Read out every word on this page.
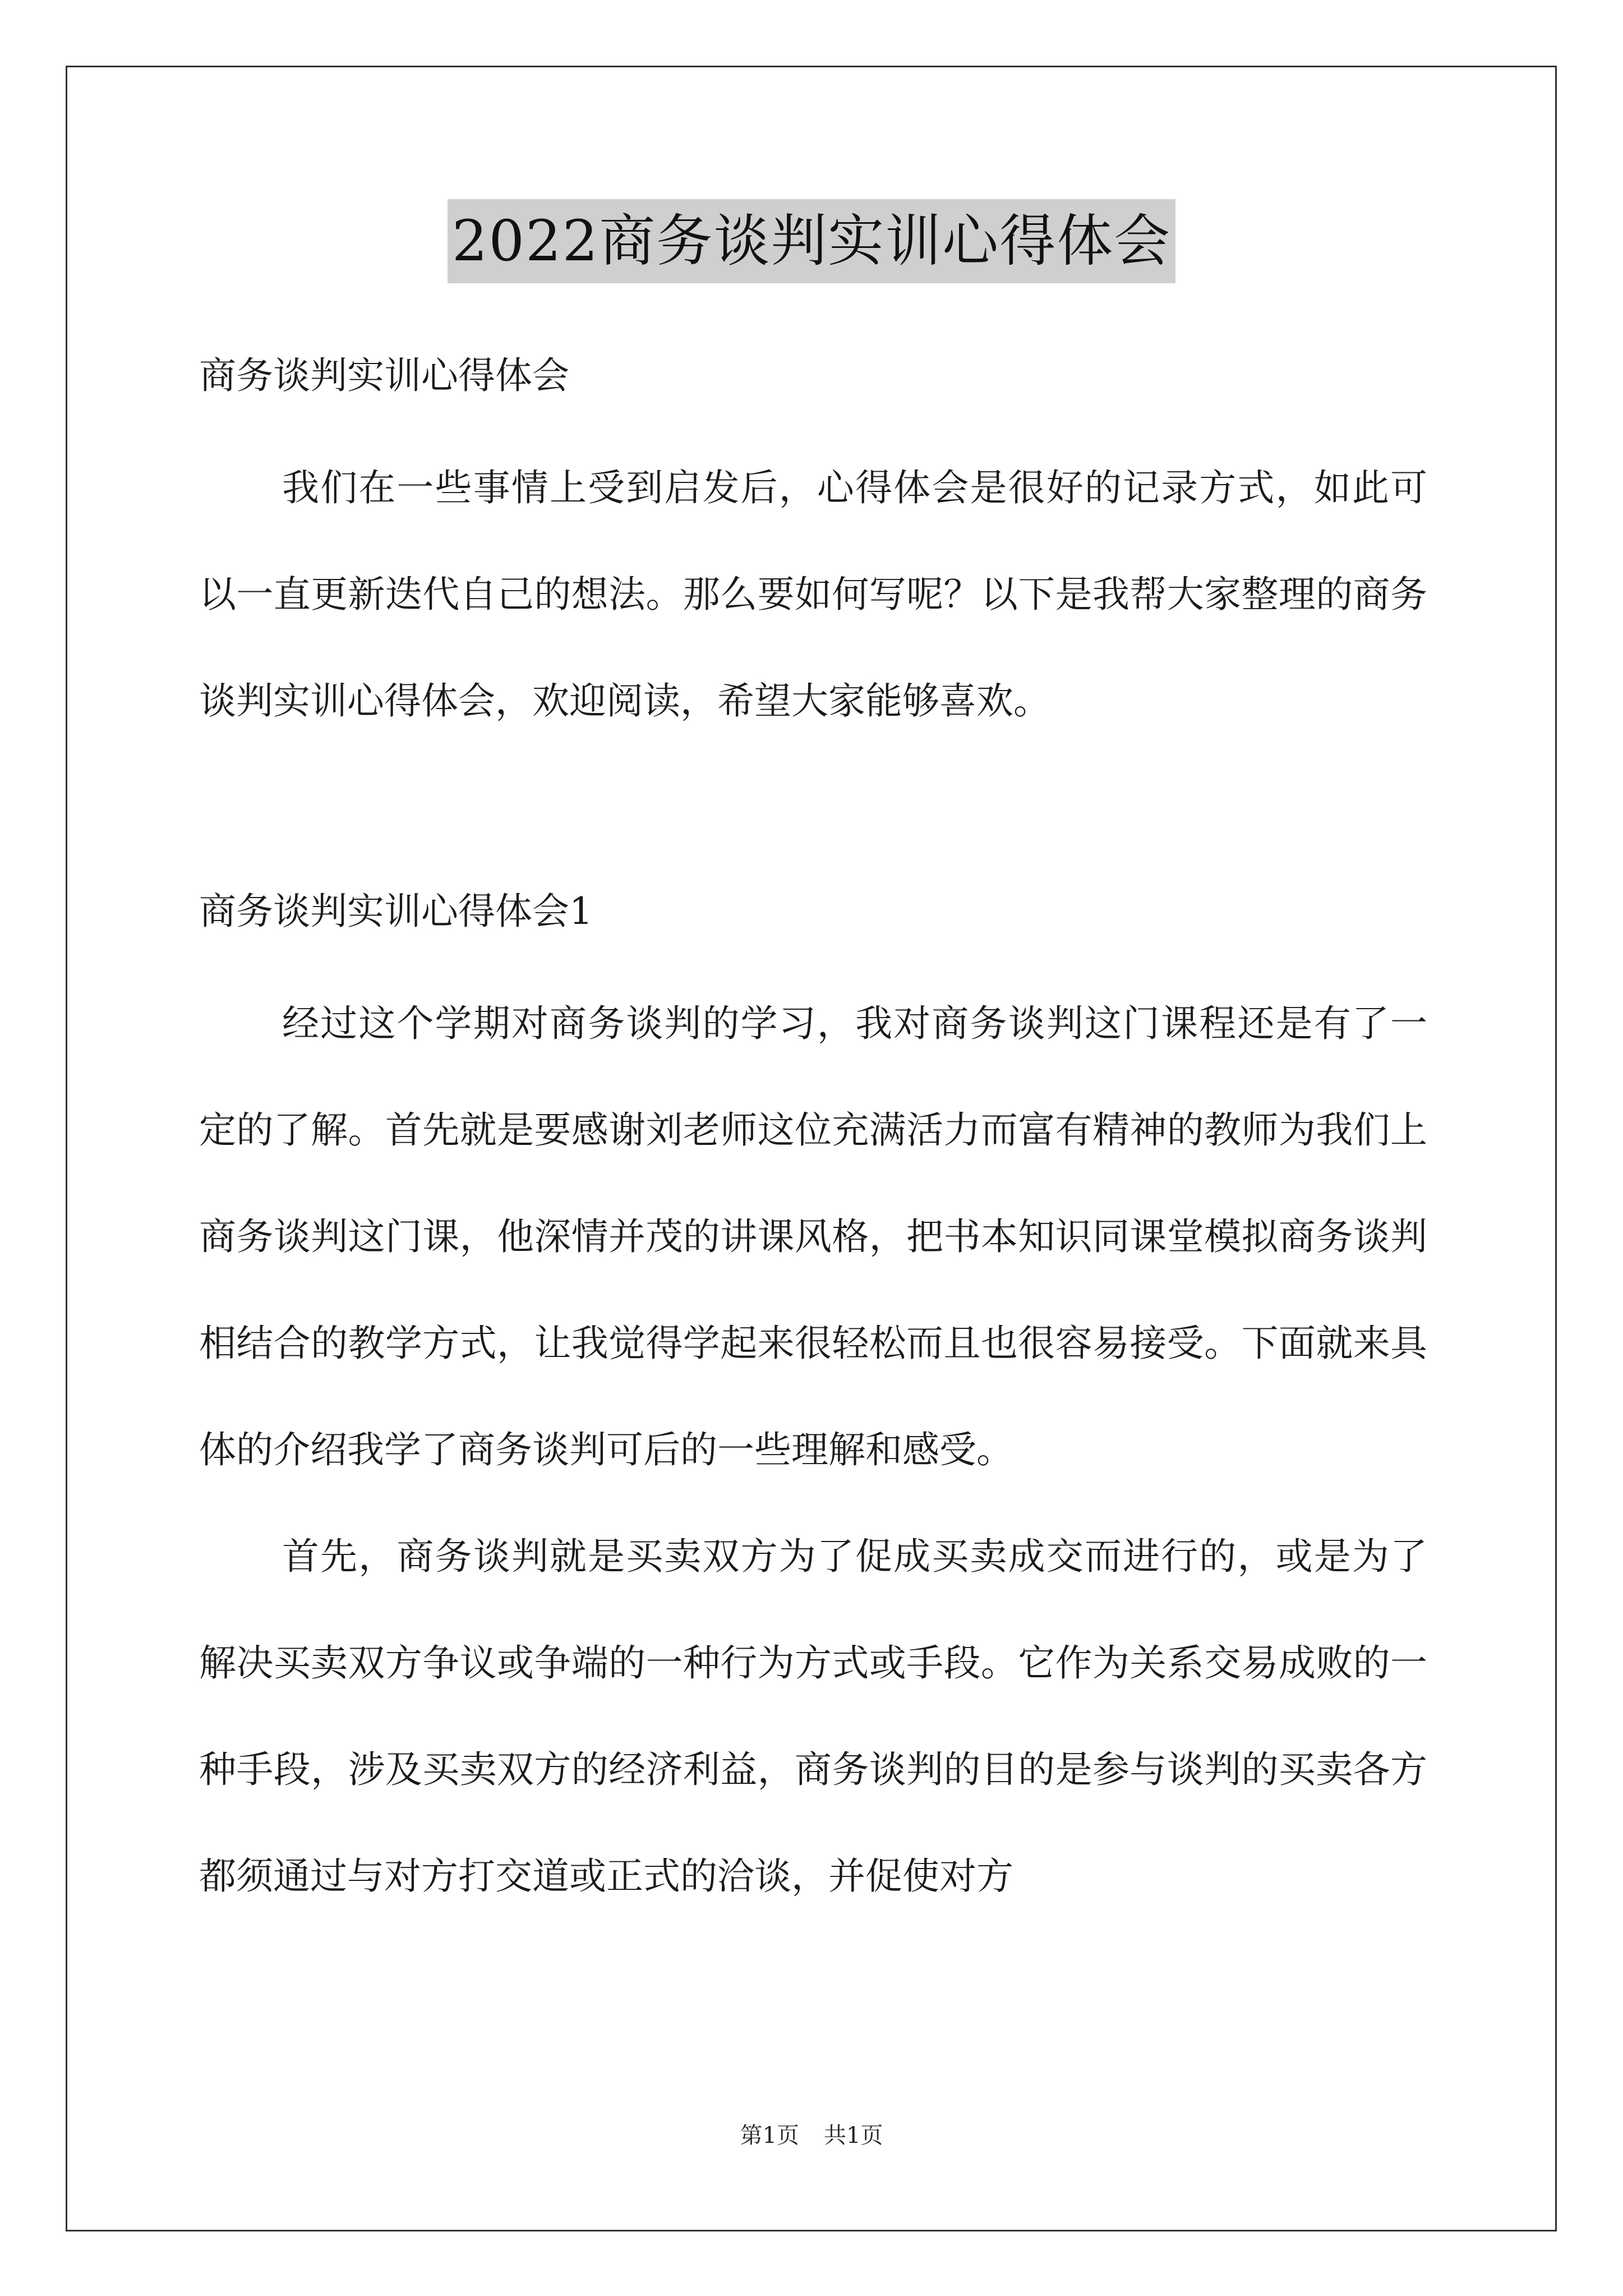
2022商务谈判实训心得体会
商务谈判实训心得体会

我们在一些事情上受到启发后，心得体会是很好的记录方式，如此可以一直更新迭代自己的想法。那么要如何写呢？以下是我帮大家整理的商务谈判实训心得体会，欢迎阅读，希望大家能够喜欢。

商务谈判实训心得体会1

经过这个学期对商务谈判的学习，我对商务谈判这门课程还是有了一定的了解。首先就是要感谢刘老师这位充满活力而富有精神的教师为我们上商务谈判这门课，他深情并茂的讲课风格，把书本知识同课堂模拟商务谈判相结合的教学方式，让我觉得学起来很轻松而且也很容易接受。下面就来具体的介绍我学了商务谈判可后的一些理解和感受。

首先，商务谈判就是买卖双方为了促成买卖成交而进行的，或是为了解决买卖双方争议或争端的一种行为方式或手段。它作为关系交易成败的一种手段，涉及买卖双方的经济利益，商务谈判的目的是参与谈判的买卖各方都须通过与对方打交道或正式的洽谈，并促使对方

第1页 共1页
